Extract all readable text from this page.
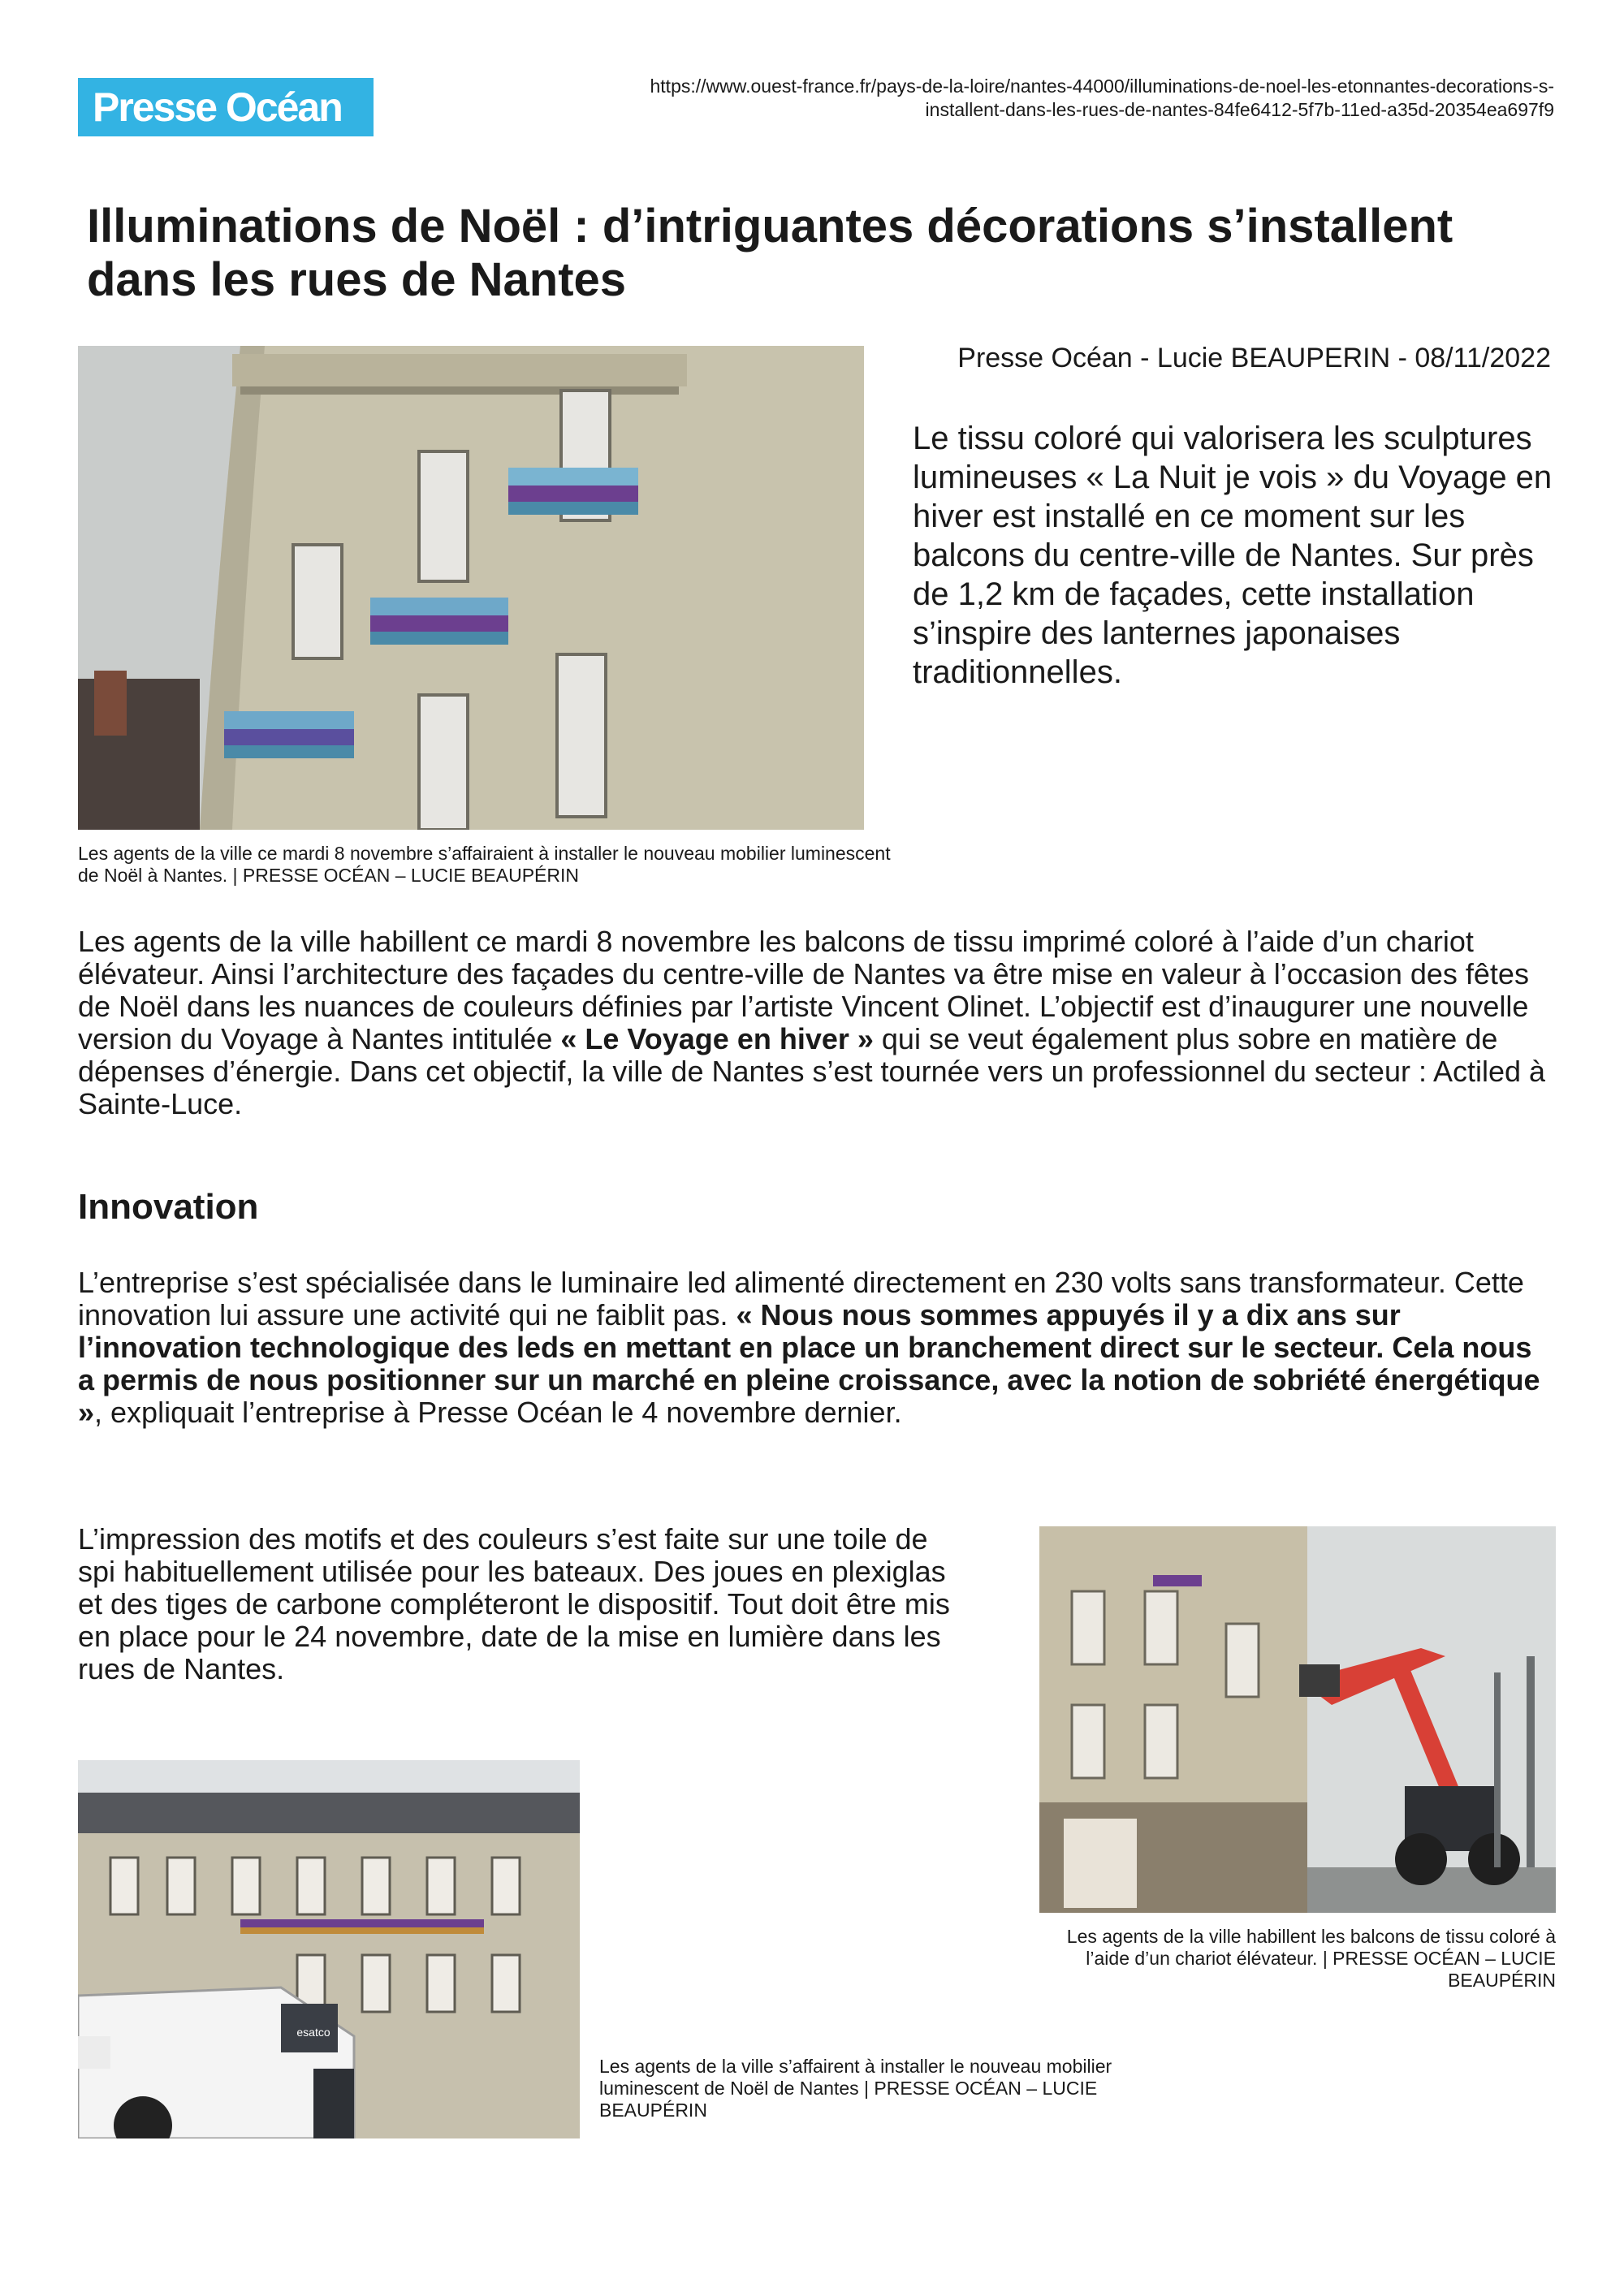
Presse Océan	https://www.ouest-france.fr/pays-de-la-loire/nantes-44000/illuminations-de-noel-les-etonnantes-decorations-s-installent-dans-les-rues-de-nantes-84fe6412-5f7b-11ed-a35d-20354ea697f9
Illuminations de Noël : d’intriguantes décorations s’installent dans les rues de Nantes

Les agents de la ville ce mardi 8 novembre s’affairaient à installer le nouveau mobilier luminescent de Noël à Nantes. | PRESSE OCÉAN – LUCIE BEAUPÉRIN

Presse Océan - Lucie BEAUPERIN - 08/11/2022

Le tissu coloré qui valorisera les sculptures lumineuses « La Nuit je vois » du Voyage en hiver est installé en ce moment sur les balcons du centre-ville de Nantes. Sur près de 1,2 km de façades, cette installation s’inspire des lanternes japonaises traditionnelles.

Les agents de la ville habillent ce mardi 8 novembre les balcons de tissu imprimé coloré à l’aide d’un chariot élévateur. Ainsi l’architecture des façades du centre-ville de Nantes va être mise en valeur à l’occasion des fêtes de Noël dans les nuances de couleurs définies par l’artiste Vincent Olinet. L’objectif est d’inaugurer une nouvelle version du Voyage à Nantes intitulée « Le Voyage en hiver » qui se veut également plus sobre en matière de dépenses d’énergie. Dans cet objectif, la ville de Nantes s’est tournée vers un professionnel du secteur : Actiled à Sainte-Luce.

Innovation

L’entreprise s’est spécialisée dans le luminaire led alimenté directement en 230 volts sans transformateur. Cette innovation lui assure une activité qui ne faiblit pas. « Nous nous sommes appuyés il y a dix ans sur l’innovation technologique des leds en mettant en place un branchement direct sur le secteur. Cela nous a permis de nous positionner sur un marché en pleine croissance, avec la notion de sobriété énergétique », expliquait l’entreprise à Presse Océan le 4 novembre dernier.

L’impression des motifs et des couleurs s’est faite sur une toile de spi habituellement utilisée pour les bateaux. Des joues en plexiglas et des tiges de carbone compléteront le dispositif. Tout doit être mis en place pour le 24 novembre, date de la mise en lumière dans les rues de Nantes.

Les agents de la ville habillent les balcons de tissu coloré à l’aide d’un chariot élévateur. | PRESSE OCÉAN – LUCIE BEAUPÉRIN

esatco

Les agents de la ville s’affairent à installer le nouveau mobilier luminescent de Noël de Nantes | PRESSE OCÉAN – LUCIE BEAUPÉRIN
